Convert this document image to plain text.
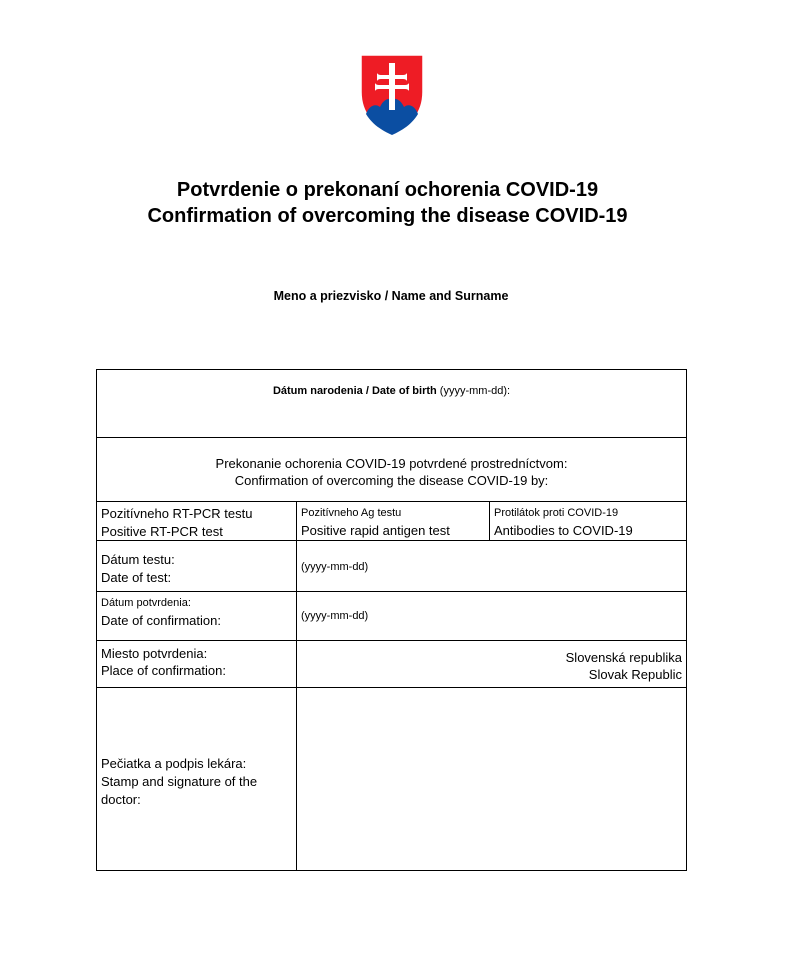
Potvrdenie o prekonaní ochorenia COVID-19
Confirmation of overcoming the disease COVID-19
Meno a priezvisko / Name and Surname
Dátum narodenia / Date of birth (yyyy-mm-dd):
Prekonanie ochorenia COVID-19 potvrdené prostredníctvom:
Confirmation of overcoming the disease COVID-19 by:
Pozitívneho RT-PCR testu
Positive RT-PCR test
Pozitívneho Ag testu
Positive rapid antigen test
Protilátok proti COVID-19
Antibodies to COVID-19
Dátum testu:
Date of test:
(yyyy-mm-dd)
Dátum potvrdenia:
Date of confirmation:	(yyyy-mm-dd)
Miesto potvrdenia:
Place of confirmation:
Slovenská republika
Slovak Republic
Pečiatka a podpis lekára:
Stamp and signature of the
doctor:
